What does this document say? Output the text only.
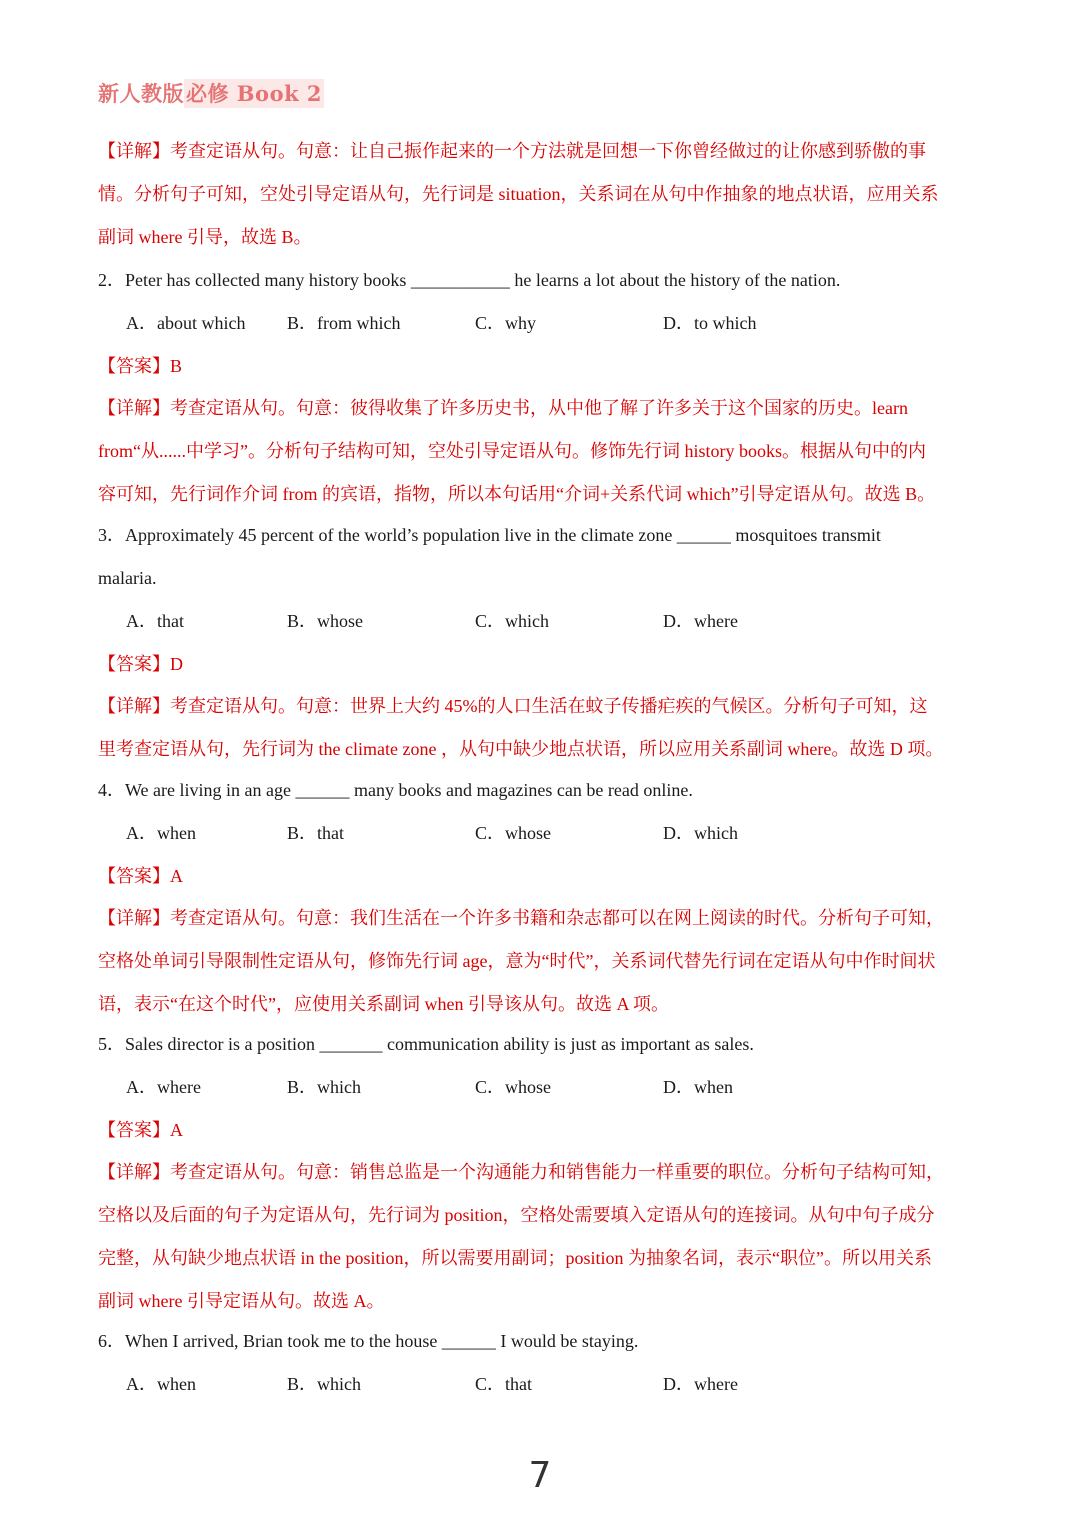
新人教版必修 Book 2
【详解】考查定语从句。句意：让自己振作起来的一个方法就是回想一下你曾经做过的让你感到骄傲的事
情。分析句子可知，空处引导定语从句，先行词是 situation，关系词在从句中作抽象的地点状语，应用关系
副词 where 引导，故选 B。
2．Peter has collected many history books ___________ he learns a lot about the history of the nation.
A．about which B．from which	C．why	D．to which
【答案】B
【详解】考查定语从句。句意：彼得收集了许多历史书，从中他了解了许多关于这个国家的历史。learn
from“从......中学习”。分析句子结构可知，空处引导定语从句。修饰先行词 history books。根据从句中的内
容可知，先行词作介词 from 的宾语，指物，所以本句话用“介词+关系代词 which”引导定语从句。故选 B。
3．Approximately 45 percent of the world’s population live in the climate zone ______ mosquitoes transmit
malaria.
A．that	B．whose	C．which	D．where
【答案】D
【详解】考查定语从句。句意：世界上大约 45%的人口生活在蚊子传播疟疾的气候区。分析句子可知，这
里考查定语从句，先行词为 the climate zone ，从句中缺少地点状语，所以应用关系副词 where。故选 D 项。
4．We are living in an age ______ many books and magazines can be read online.
A．when	B．that	C．whose	D．which
【答案】A
【详解】考查定语从句。句意：我们生活在一个许多书籍和杂志都可以在网上阅读的时代。分析句子可知，
空格处单词引导限制性定语从句，修饰先行词 age，意为“时代”，关系词代替先行词在定语从句中作时间状
语，表示“在这个时代”，应使用关系副词 when 引导该从句。故选 A 项。
5．Sales director is a position _______ communication ability is just as important as sales.
A．where	B．which	C．whose	D．when
【答案】A
【详解】考查定语从句。句意：销售总监是一个沟通能力和销售能力一样重要的职位。分析句子结构可知，
空格以及后面的句子为定语从句，先行词为 position，空格处需要填入定语从句的连接词。从句中句子成分
完整，从句缺少地点状语 in the position，所以需要用副词；position 为抽象名词，表示“职位”。所以用关系
副词 where 引导定语从句。故选 A。
6．When I arrived, Brian took me to the house ______ I would be staying.
A．when	B．which	C．that	D．where
7
